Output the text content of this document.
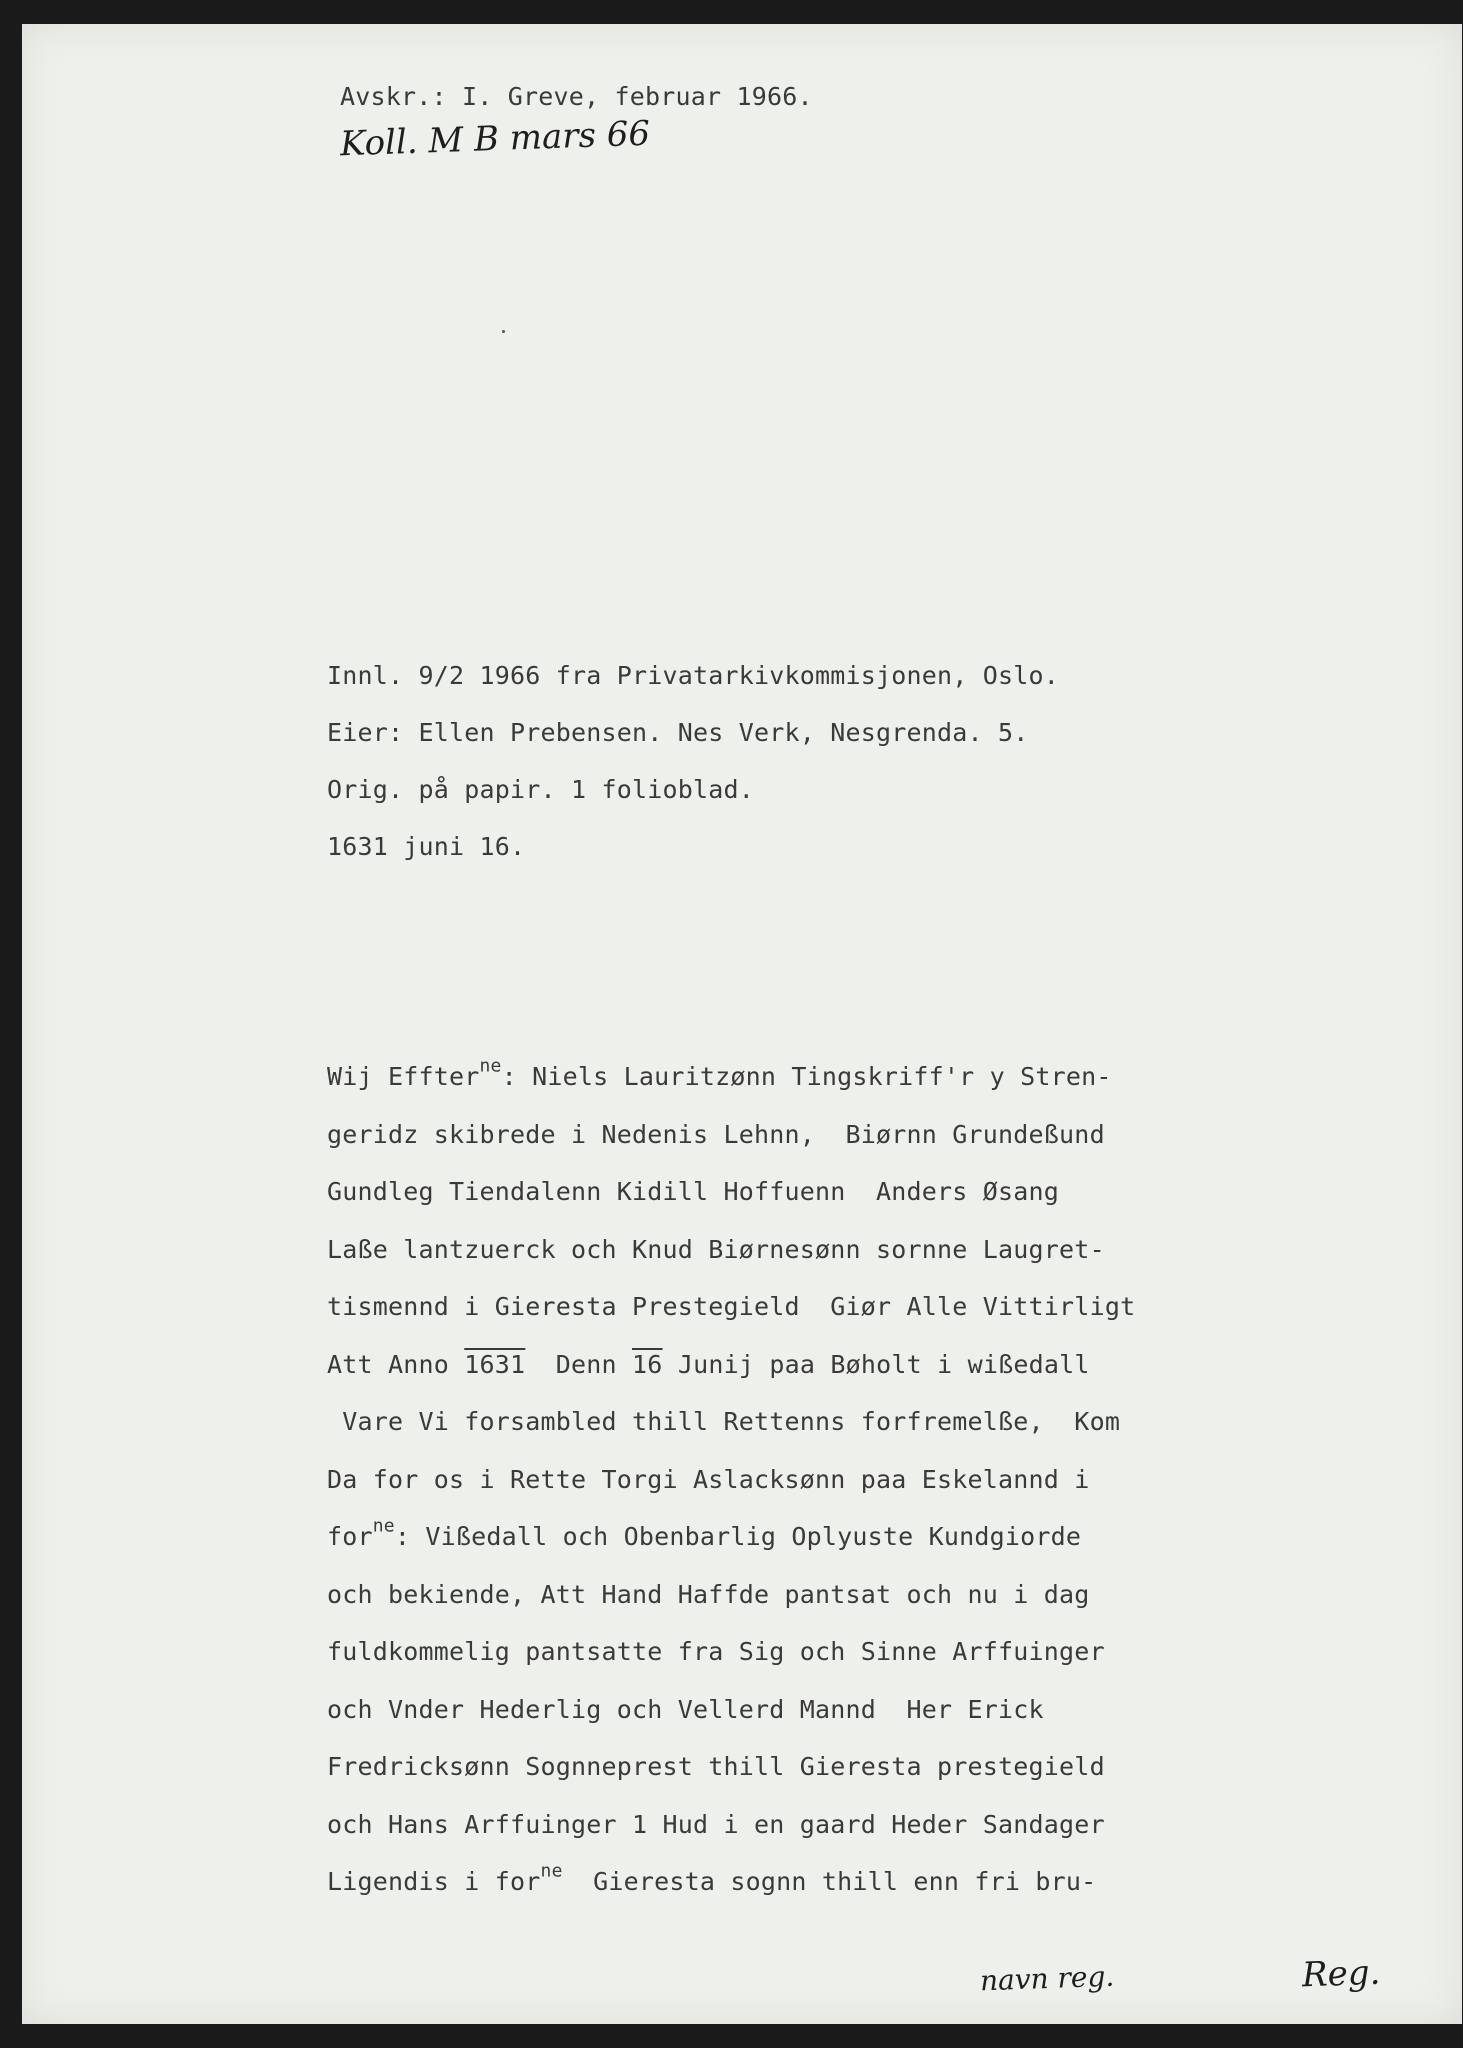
Avskr.: I. Greve, februar 1966.
Koll. M B mars 66
Innl. 9/2 1966 fra Privatarkivkommisjonen, Oslo.
Eier: Ellen Prebensen. Nes Verk, Nesgrenda. 5.
Orig. på papir. 1 folioblad.
1631 juni 16.
Wij Effter$^{ne}$: Niels Lauritzønn Tingskriff'r y Stren-
geridz skibrede i Nedenis Lehnn,  Biørnn Grundeßund
Gundleg Tiendalenn Kidill Hoffuenn  Anders Øsang
Laße lantzuerck och Knud Biørnesønn sornne Laugret-
tismennd i Gieresta Prestegield  Giør Alle Vittirligt
Att Anno 1631  Denn 16 Junij paa Bøholt i wißedall
Vare Vi forsambled thill Rettenns forfremelße,  Kom
Da for os i Rette Torgi Aslacksønn paa Eskelannd i
for$^{ne}$: Vißedall och Obenbarlig Oplyuste Kundgiorde
och bekiende, Att Hand Haffde pantsat och nu i dag
fuldkommelig pantsatte fra Sig och Sinne Arffuinger
och Vnder Hederlig och Vellerd Mannd  Her Erick
Fredricksønn Sognneprest thill Gieresta prestegield
och Hans Arffuinger 1 Hud i en gaard Heder Sandager
Ligendis i for$^{ne}$  Gieresta sognn thill enn fri bru-
navn reg.	Reg.
